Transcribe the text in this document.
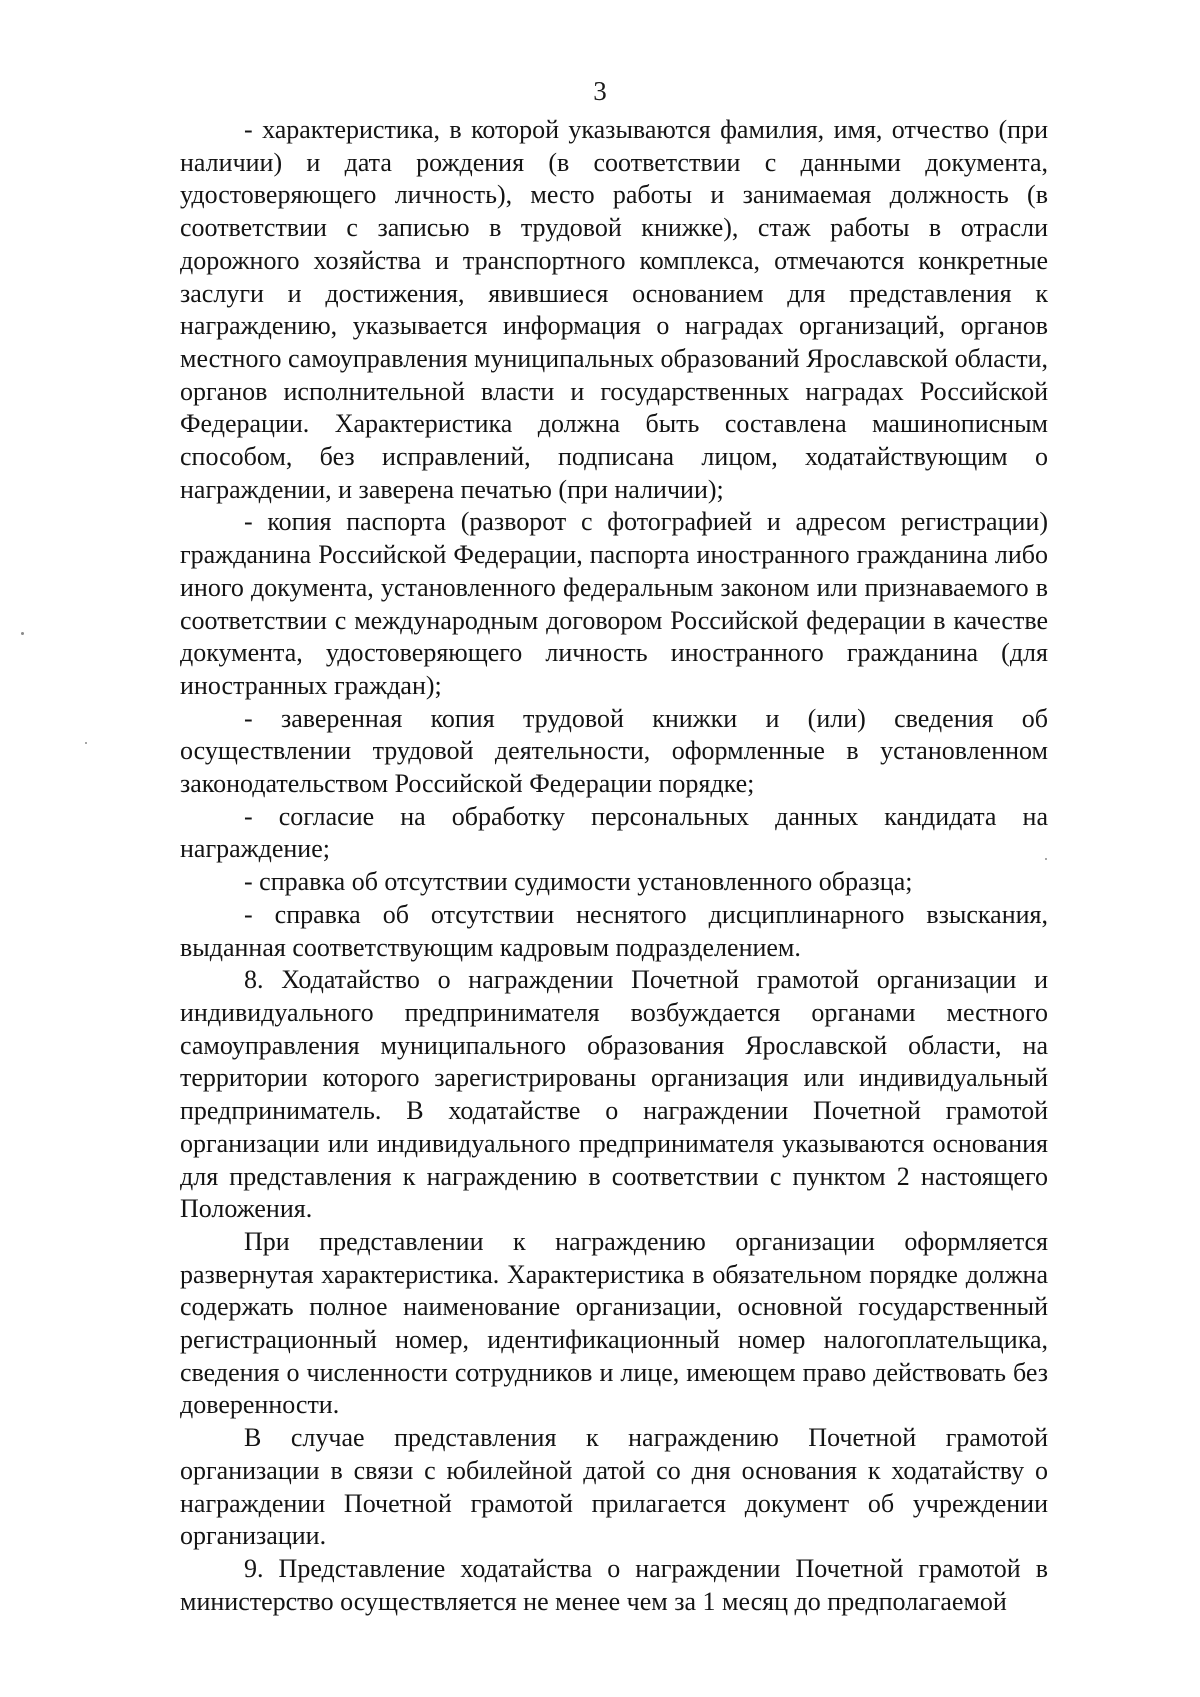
3

- характеристика, в которой указываются фамилия, имя, отчество (при наличии) и дата рождения (в соответствии с данными документа, удостоверяющего личность), место работы и занимаемая должность (в соответствии с записью в трудовой книжке), стаж работы в отрасли дорожного хозяйства и транспортного комплекса, отмечаются конкретные заслуги и достижения, явившиеся основанием для представления к награждению, указывается информация о наградах организаций, органов местного самоуправления муниципальных образований Ярославской области, органов исполнительной власти и государственных наградах Российской Федерации. Характеристика должна быть составлена машинописным способом, без исправлений, подписана лицом, ходатайствующим о награждении, и заверена печатью (при наличии);

- копия паспорта (разворот с фотографией и адресом регистрации) гражданина Российской Федерации, паспорта иностранного гражданина либо иного документа, установленного федеральным законом или признаваемого в соответствии с международным договором Российской федерации в качестве документа, удостоверяющего личность иностранного гражданина (для иностранных граждан);

- заверенная копия трудовой книжки и (или) сведения об осуществлении трудовой деятельности, оформленные в установленном законодательством Российской Федерации порядке;

- согласие на обработку персональных данных кандидата на награждение;

- справка об отсутствии судимости установленного образца;

- справка об отсутствии неснятого дисциплинарного взыскания, выданная соответствующим кадровым подразделением.

8. Ходатайство о награждении Почетной грамотой организации и индивидуального предпринимателя возбуждается органами местного самоуправления муниципального образования Ярославской области, на территории которого зарегистрированы организация или индивидуальный предприниматель. В ходатайстве о награждении Почетной грамотой организации или индивидуального предпринимателя указываются основания для представления к награждению в соответствии с пунктом 2 настоящего Положения.

При представлении к награждению организации оформляется развернутая характеристика. Характеристика в обязательном порядке должна содержать полное наименование организации, основной государственный регистрационный номер, идентификационный номер налогоплательщика, сведения о численности сотрудников и лице, имеющем право действовать без доверенности.

В случае представления к награждению Почетной грамотой организации в связи с юбилейной датой со дня основания к ходатайству о награждении Почетной грамотой прилагается документ об учреждении организации.

9. Представление ходатайства о награждении Почетной грамотой в министерство осуществляется не менее чем за 1 месяц до предполагаемой
